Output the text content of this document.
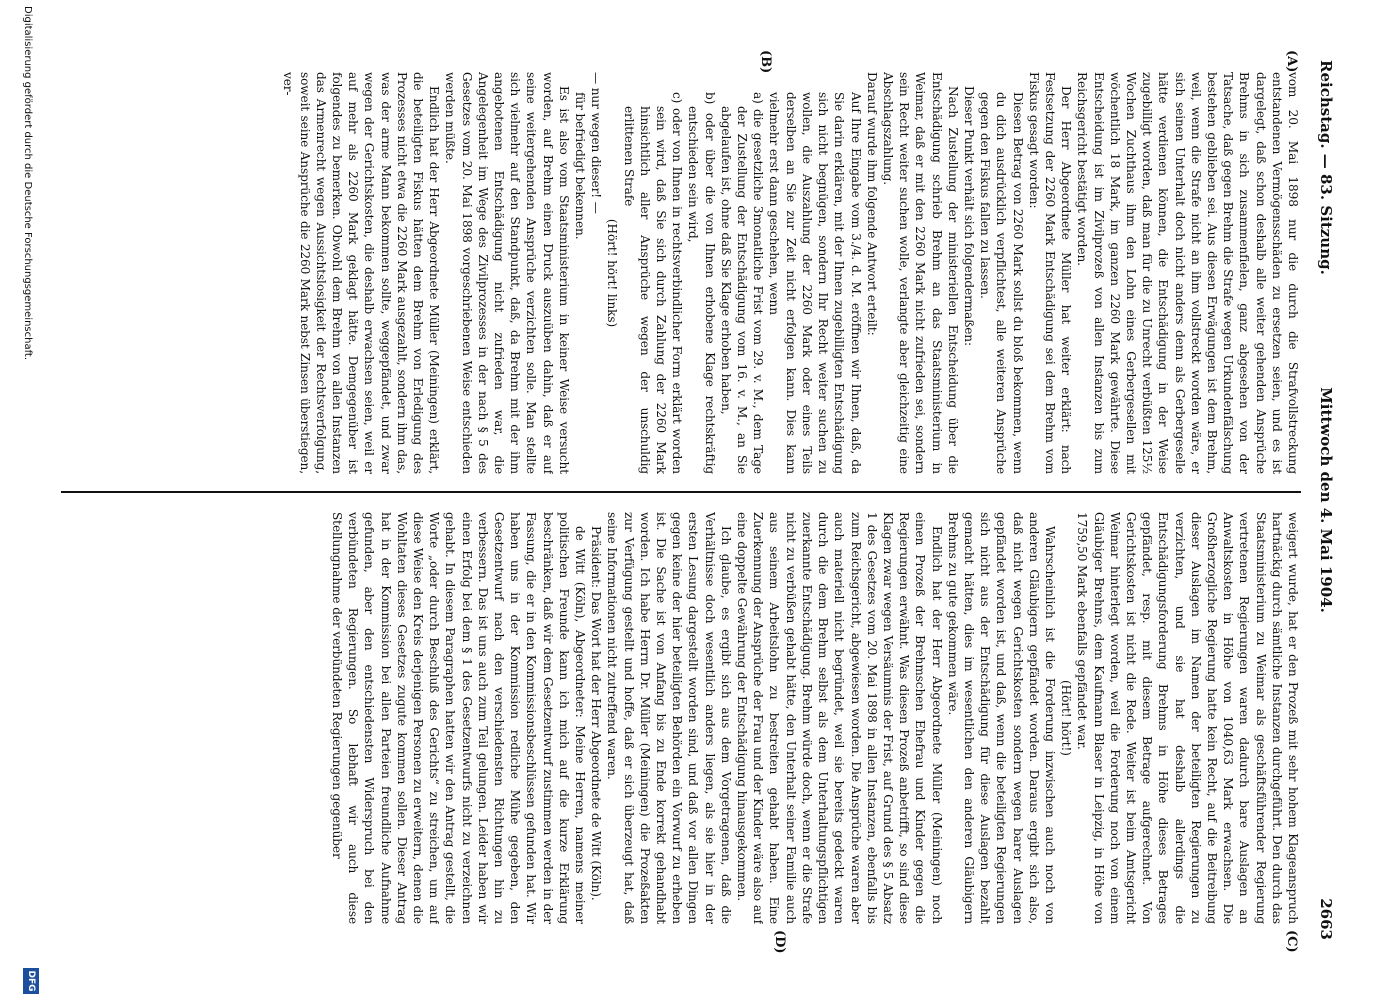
Reichstag. — 83. Sitzung.
Mittwoch den 4. Mai 1904.
2663
(A)
(B)
(C)
(D)

vom 20. Mai 1898 nur die durch die Strafvollstreckung entstandenen Vermögensschäden zu ersetzen seien, und es ist dargelegt, daß schon deshalb alle weiter gehenden Ansprüche Brehms in sich zusammenfielen, ganz abgesehen von der Tatsache, daß gegen Brehm die Strafe wegen Urkundenfälschung bestehen geblieben sei. Aus diesen Erwägungen ist dem Brehm, weil, wenn die Strafe nicht an ihm vollstreckt worden wäre, er sich seinen Unterhalt doch nicht anders denn als Gerbergeselle hätte verdienen können, die Entschädigung in der Weise zugebilligt worden, daß man für die zu Unrecht verbüßten 125½ Wochen Zuchthaus ihm den Lohn eines Gerbergesellen mit wöchentlich 18 Mark, im ganzen 2260 Mark gewährte. Diese Entscheidung ist im Zivilprozeß von allen Instanzen bis zum Reichsgericht bestätigt worden.

Der Herr Abgeordnete Müller hat weiter erklärt: nach Festsetzung der 2260 Mark Entschädigung sei dem Brehm vom Fiskus gesagt worden:

Diesen Betrag von 2260 Mark sollst du bloß bekommen, wenn du dich ausdrücklich verpflichtest, alle weiteren Ansprüche gegen den Fiskus fallen zu lassen.

Dieser Punkt verhält sich folgendermaßen:

Nach Zustellung der ministeriellen Entscheidung über die Entschädigung schrieb Brehm an das Staatsministerium in Weimar, daß er mit den 2260 Mark nicht zufrieden sei, sondern sein Recht weiter suchen wolle, verlangte aber gleichzeitig eine Abschlagszahlung.

Darauf wurde ihm folgende Antwort erteilt:

Auf Ihre Eingabe vom 3./4. d. M. eröffnen wir Ihnen, daß, da Sie darin erklären, mit der Ihnen zugebilligten Entschädigung sich nicht begnügen, sondern Ihr Recht weiter suchen zu wollen, die Auszahlung der 2260 Mark oder eines Teils derselben an Sie zur Zeit nicht erfolgen kann. Dies kann vielmehr erst dann geschehen, wenn

a) die gesetzliche 3monatliche Frist vom 29. v. M., dem Tage der Zustellung der Entschädigung vom 16. v. M., an Sie abgelaufen ist, ohne daß Sie Klage erhoben haben,

b) oder über die von Ihnen erhobene Klage rechtskräftig entschieden sein wird,

c) oder von Ihnen in rechtsverbindlicher Form erklärt worden sein wird, daß Sie sich durch Zahlung der 2260 Mark hinsichtlich aller Ansprüche wegen der unschuldig erlittenen Strafe

(Hört! hört! links)

— nur wegen dieser! —

für befriedigt bekennen.

Es ist also vom Staatsministerium in keiner Weise versucht worden, auf Brehm einen Druck auszuüben dahin, daß er auf seine weitergehenden Ansprüche verzichten solle. Man stellte sich vielmehr auf den Standpunkt, daß, da Brehm mit der ihm angebotenen Entschädigung nicht zufrieden war, die Angelegenheit im Wege des Zivilprozesses in der nach § 5 des Gesetzes vom 20. Mai 1898 vorgeschriebenen Weise entschieden werden müßte.

Endlich hat der Herr Abgeordnete Müller (Meiningen) erklärt, die beteiligten Fiskus hätten dem Brehm von Erledigung des Prozesses nicht etwa die 2260 Mark ausgezahlt, sondern ihm das, was der arme Mann bekommen sollte, weggepfändet, und zwar wegen der Gerichtskosten, die deshalb erwachsen seien, weil er auf mehr als 2260 Mark geklagt hätte. Demgegenüber ist folgendes zu bemerken. Obwohl dem Brehm von allen Instanzen das Armenrecht wegen Aussichtslosigkeit der Rechtsverfolgung, soweit seine Ansprüche die 2260 Mark nebst Zinsen überstiegen, ver-

weigert wurde, hat er den Prozeß mit sehr hohem Klageanspruch hartnäckig durch sämtliche Instanzen durchgeführt. Den durch das Staatsministerium zu Weimar als geschäftsführender Regierung vertretenen Regierungen waren dadurch bare Auslagen an Anwaltskosten in Höhe von 1040,63 Mark erwachsen. Die Großherzogliche Regierung hatte kein Recht, auf die Beitreibung dieser Auslagen im Namen der beteiligten Regierungen zu verzichten, und sie hat deshalb allerdings die Entschädigungsforderung Brehms in Höhe dieses Betrages gepfändet, resp. mit diesem Betrage aufgerechnet. Von Gerichtskosten ist nicht die Rede. Weiter ist beim Amtsgericht Weimar hinterlegt worden, weil die Forderung noch von einem Gläubiger Brehms, dem Kaufmann Blaser in Leipzig, in Höhe von 1759,50 Mark ebenfalls gepfändet war.

(Hört! hört!)

Wahrscheinlich ist die Forderung inzwischen auch noch von anderen Gläubigern gepfändet worden. Daraus ergibt sich also, daß nicht wegen Gerichtskosten sondern wegen barer Auslagen gepfändet worden ist, und daß, wenn die beteiligten Regierungen sich nicht aus der Entschädigung für diese Auslagen bezahlt gemacht hätten, dies im wesentlichen den anderen Gläubigern Brehms zu gute gekommen wäre.

Endlich hat der Herr Abgeordnete Müller (Meiningen) noch einen Prozeß der Brehmschen Ehefrau und Kinder gegen die Regierungen erwähnt. Was diesen Prozeß anbetrifft, so sind diese Klagen zwar wegen Versäumnis der Frist, auf Grund des § 5 Absatz 1 des Gesetzes vom 20. Mai 1898 in allen Instanzen, ebenfalls bis zum Reichsgericht, abgewiesen worden. Die Ansprüche waren aber auch materiell nicht begründet, weil sie bereits gedeckt waren durch die dem Brehm selbst als dem Unterhaltungspflichtigen zuerkannte Entschädigung. Brehm würde doch, wenn er die Strafe nicht zu verbüßen gehabt hätte, den Unterhalt seiner Familie auch aus seinem Arbeitslohn zu bestreiten gehabt haben. Eine Zuerkennung der Ansprüche der Frau und der Kinder wäre also auf eine doppelte Gewährung der Entschädigung hinausgekommen.

Ich glaube, es ergibt sich aus dem Vorgetragenen, daß die Verhältnisse doch wesentlich anders liegen, als sie hier in der ersten Lesung dargestellt worden sind, und daß vor allen Dingen gegen keine der hier beteiligten Behörden ein Vorwurf zu erheben ist. Die Sache ist von Anfang bis zu Ende korrekt gehandhabt worden. Ich habe Herrn Dr. Müller (Meiningen) die Prozeßakten zur Verfügung gestellt und hoffe, daß er sich überzeugt hat, daß seine Informationen nicht zutreffend waren.

Präsident: Das Wort hat der Herr Abgeordnete de Witt (Köln).

de Witt (Köln), Abgeordneter: Meine Herren, namens meiner politischen Freunde kann ich mich auf die kurze Erklärung beschränken, daß wir dem Gesetzentwurf zustimmen werden in der Fassung, die er in den Kommissionsbeschlüssen gefunden hat. Wir haben uns in der Kommission redliche Mühe gegeben, den Gesetzentwurf nach den verschiedensten Richtungen hin zu verbessern. Das ist uns auch zum Teil gelungen. Leider haben wir einen Erfolg bei dem § 1 des Gesetzentwurfs nicht zu verzeichnen gehabt. In diesem Paragraphen hatten wir den Antrag gestellt, die Worte „oder durch Beschluß des Gerichts“ zu streichen, um auf diese Weise den Kreis derjenigen Personen zu erweitern, denen die Wohltaten dieses Gesetzes zugute kommen sollen. Dieser Antrag hat in der Kommission bei allen Parteien freundliche Aufnahme gefunden, aber den entschiedensten Widerspruch bei den verbündeten Regierungen. So lebhaft wir auch diese Stellungnahme der verbündeten Regierungen gegenüber

Digitalisierung gefördert durch die Deutsche Forschungsgemeinschaft.
DFG
